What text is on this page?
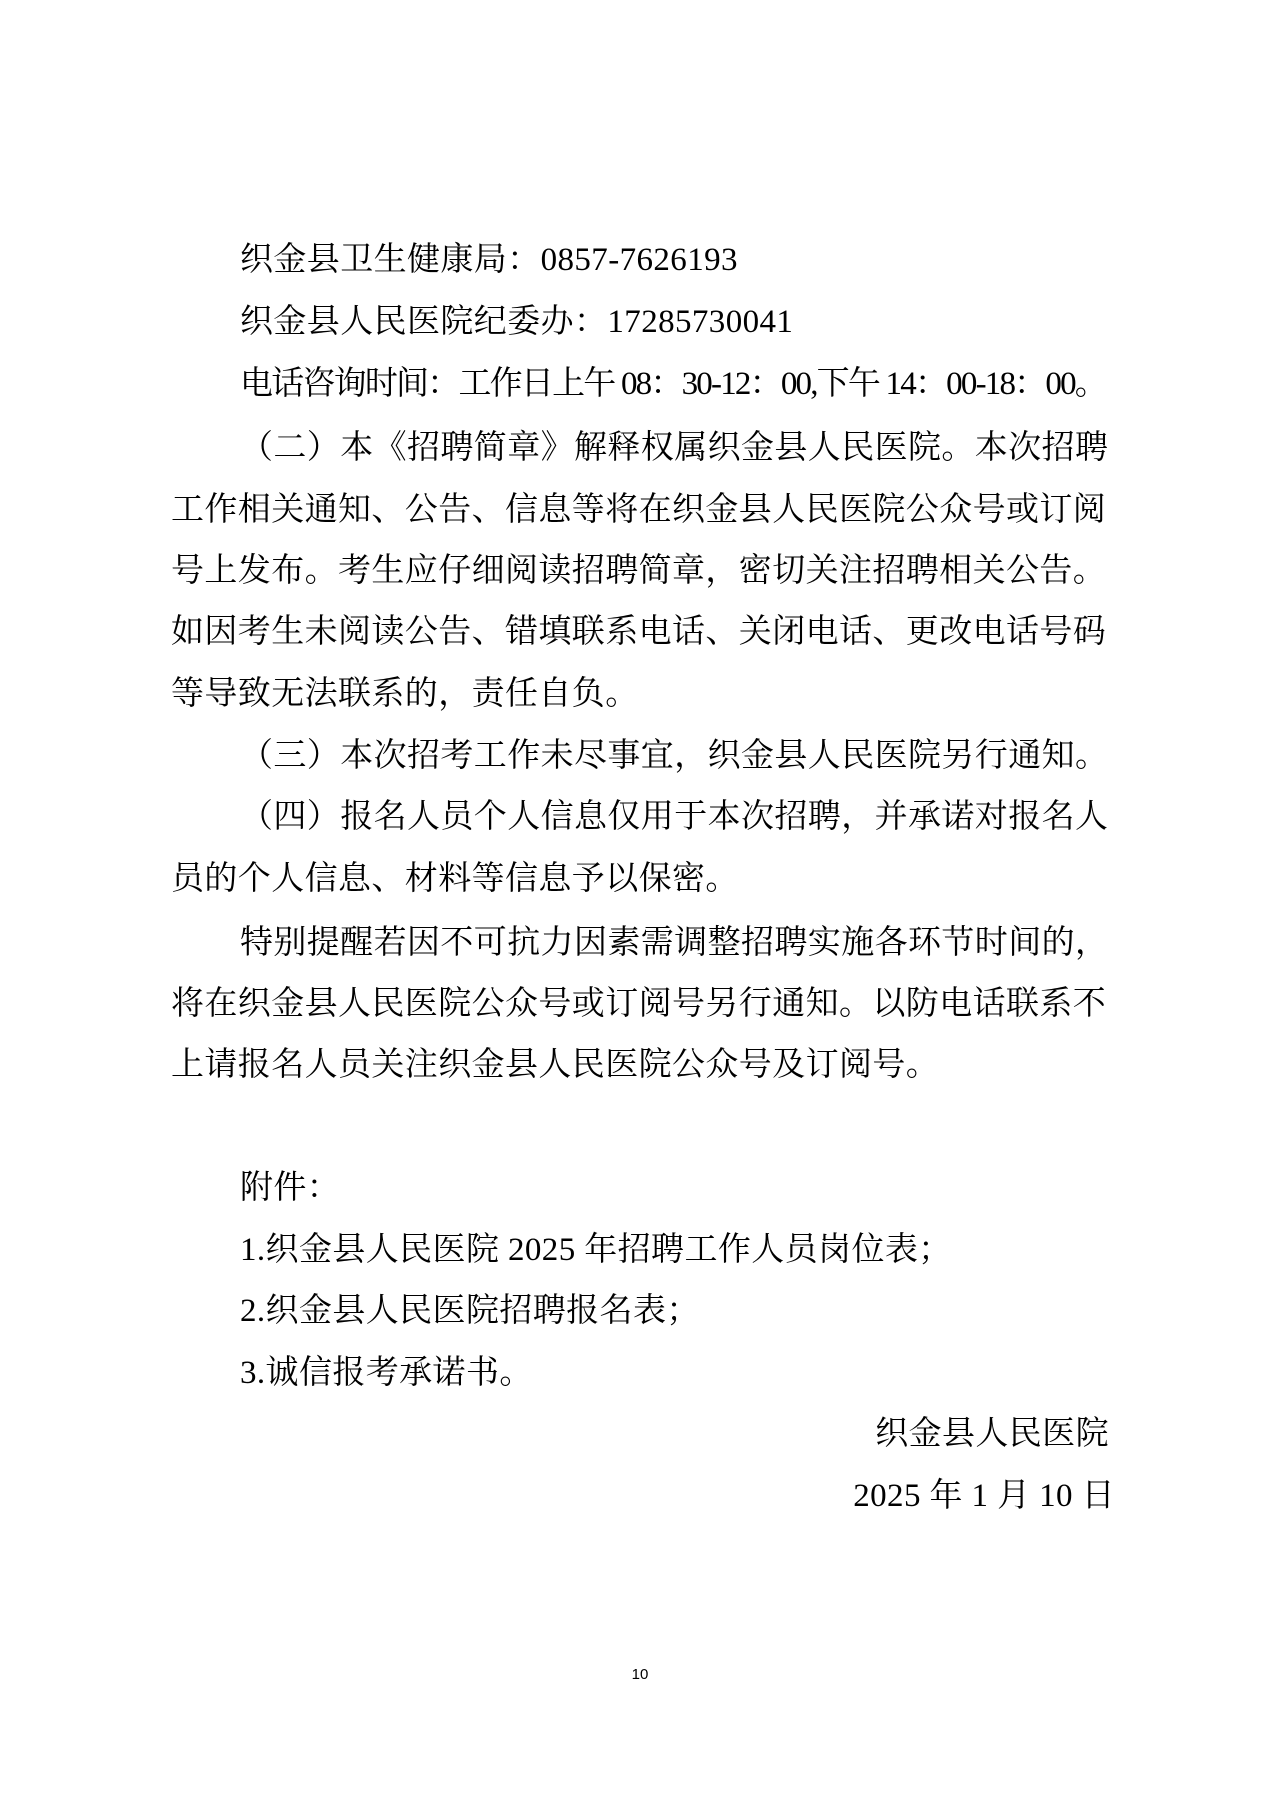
织金县卫生健康局：0857-7626193
织金县人民医院纪委办：17285730041
电话咨询时间：工作日上午 08：30-12：00,下午 14：00-18：00。
（二）本《招聘简章》解释权属织金县人民医院。本次招聘
工作相关通知、公告、信息等将在织金县人民医院公众号或订阅
号上发布。考生应仔细阅读招聘简章，密切关注招聘相关公告。
如因考生未阅读公告、错填联系电话、关闭电话、更改电话号码
等导致无法联系的，责任自负。
（三）本次招考工作未尽事宜，织金县人民医院另行通知。
（四）报名人员个人信息仅用于本次招聘，并承诺对报名人
员的个人信息、材料等信息予以保密。
特别提醒若因不可抗力因素需调整招聘实施各环节时间的，
将在织金县人民医院公众号或订阅号另行通知。以防电话联系不
上请报名人员关注织金县人民医院公众号及订阅号。
附件：
1.织金县人民医院 2025 年招聘工作人员岗位表；
2.织金县人民医院招聘报名表；
3.诚信报考承诺书。
织金县人民医院
2025 年 1 月 10 日
10
